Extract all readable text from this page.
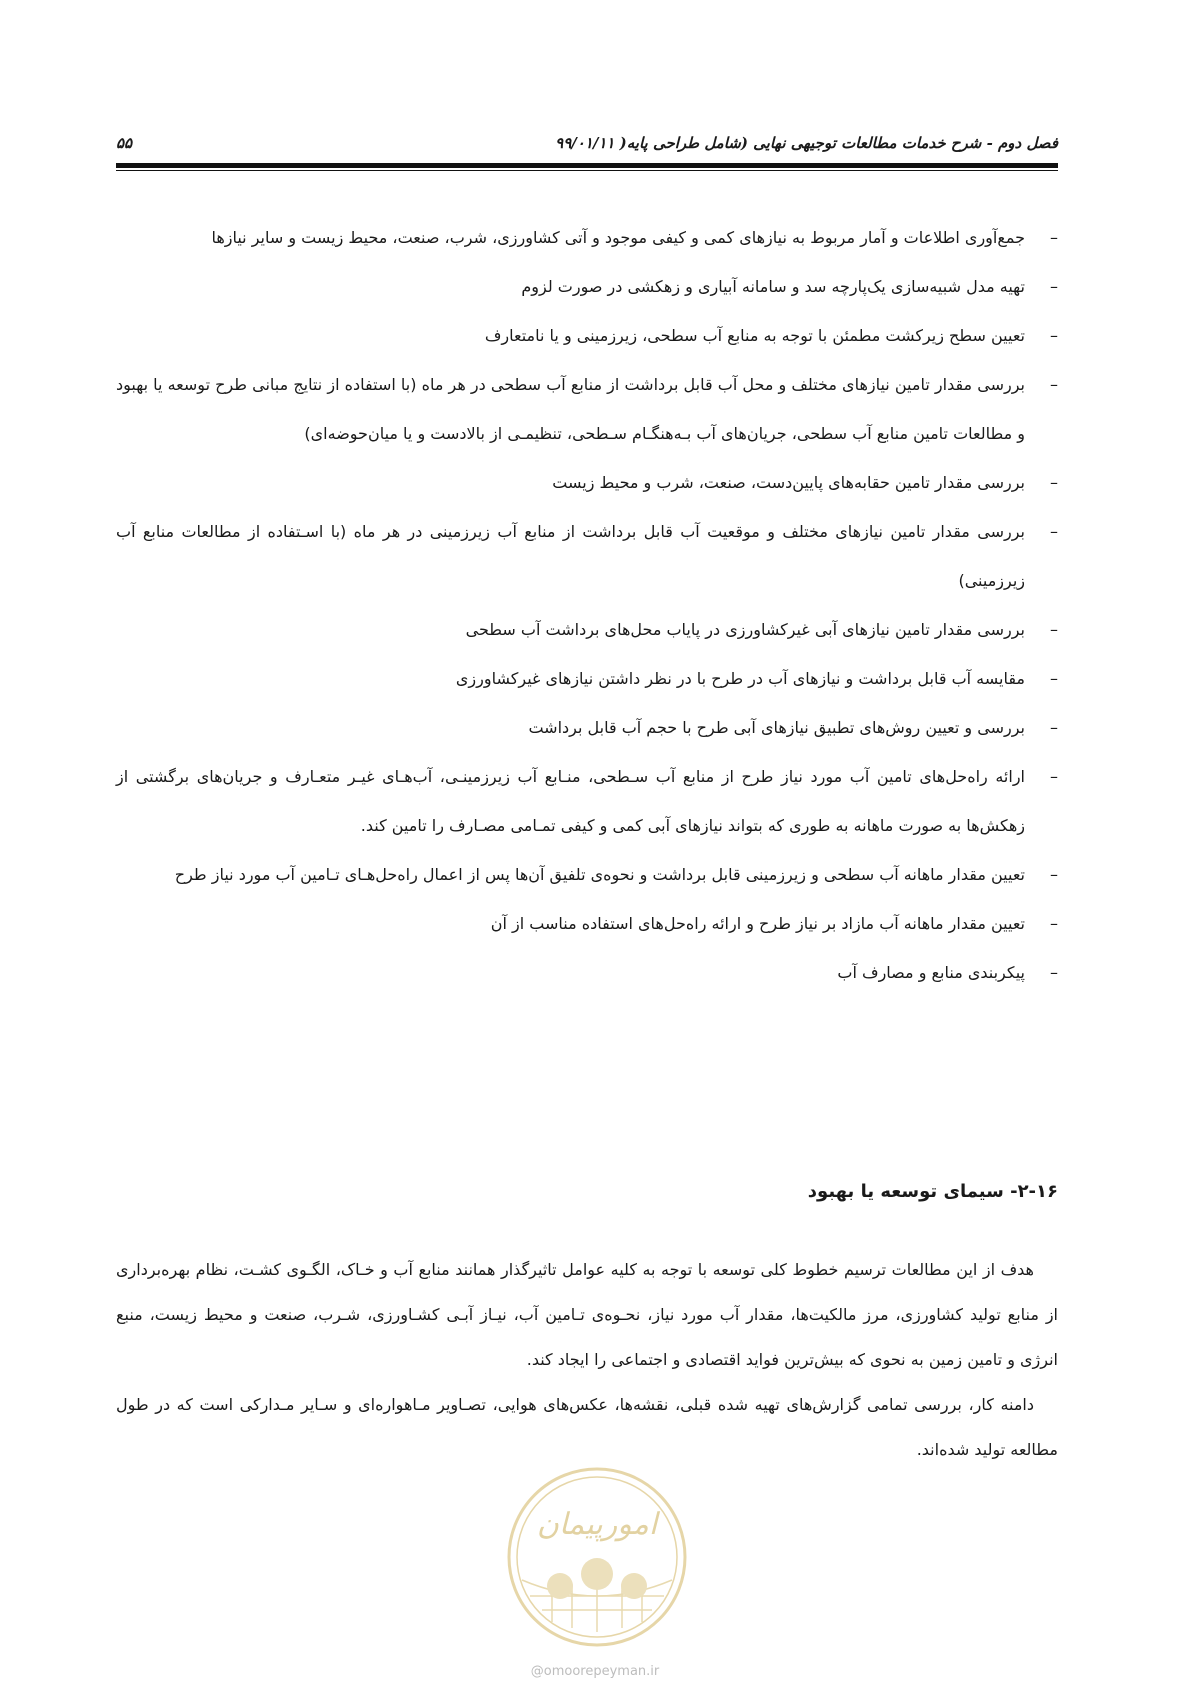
فصل دوم - شرح خدمات مطالعات توجیهی نهایی (شامل طراحی پایه( ۹۹/۰۱/۱۱
۵۵
–
جمع‌آوری اطلاعات و آمار مربوط به نیازهای کمی و کیفی موجود و آتی کشاورزی، شرب، صنعت، محیط زیست و سایر نیازها
–
تهیه مدل شبیه‌سازی یک‌پارچه سد و سامانه آبیاری و زهکشی در صورت لزوم
–
تعیین سطح زیرکشت مطمئن با توجه به منابع آب سطحی، زیرزمینی و یا نامتعارف
–
بررسی مقدار تامین نیازهای مختلف و محل آب قابل برداشت از منابع آب سطحی در هر ماه (با استفاده از نتایج مبانی طرح توسعه یا بهبود و مطالعات تامین منابع آب سطحی، جریان‌های آب بـه‌هنگـام سـطحی، تنظیمـی از بالادست و یا میان‌حوضه‌ای)
–
بررسی مقدار تامین حقابه‌های پایین‌دست، صنعت، شرب و محیط زیست
–
بررسی مقدار تامین نیازهای مختلف و موقعیت آب قابل برداشت از منابع آب زیرزمینی در هر ماه (با اسـتفاده از مطالعات منابع آب زیرزمینی)
–
بررسی مقدار تامین نیازهای آبی غیرکشاورزی در پایاب محل‌های برداشت آب سطحی
–
مقایسه آب قابل برداشت و نیازهای آب در طرح با در نظر داشتن نیازهای غیرکشاورزی
–
بررسی و تعیین روش‌های تطبیق نیازهای آبی طرح با حجم آب قابل برداشت
–
ارائه راه‌حل‌های تامین آب مورد نیاز طرح از منابع آب سـطحی، منـابع آب زیرزمینـی، آب‌هـای غیـر متعـارف و جریان‌های برگشتی از زهکش‌ها به صورت ماهانه به طوری که بتواند نیازهای آبی کمی و کیفی تمـامی مصـارف را تامین کند.
–
تعیین مقدار ماهانه آب سطحی و زیرزمینی قابل برداشت و نحوه‌ی تلفیق آن‌ها پس از اعمال راه‌حل‌هـای تـامین آب مورد نیاز طرح
–
تعیین مقدار ماهانه آب مازاد بر نیاز طرح و ارائه راه‌حل‌های استفاده مناسب از آن
–
پیکربندی منابع و مصارف آب
۲-۱۶- سیمای توسعه یا بهبود

هدف از این مطالعات ترسیم خطوط کلی توسعه با توجه به کلیه عوامل تاثیرگذار همانند منابع آب و خـاک، الگـوی کشـت، نظام بهره‌برداری از منابع تولید کشاورزی، مرز مالکیت‌ها، مقدار آب مورد نیاز، نحـوه‌ی تـامین آب، نیـاز آبـی کشـاورزی، شـرب، صنعت و محیط زیست، منبع انرژی و تامین زمین به نحوی که بیش‌ترین فواید اقتصادی و اجتماعی را ایجاد کند.

دامنه کار، بررسی تمامی گزارش‌های تهیه شده قبلی، نقشه‌ها، عکس‌های هوایی، تصـاویر مـاهواره‌ای و سـایر مـدارکی است که در طول مطالعه تولید شده‌اند.

امورپیمان
@omoorepeyman.ir
